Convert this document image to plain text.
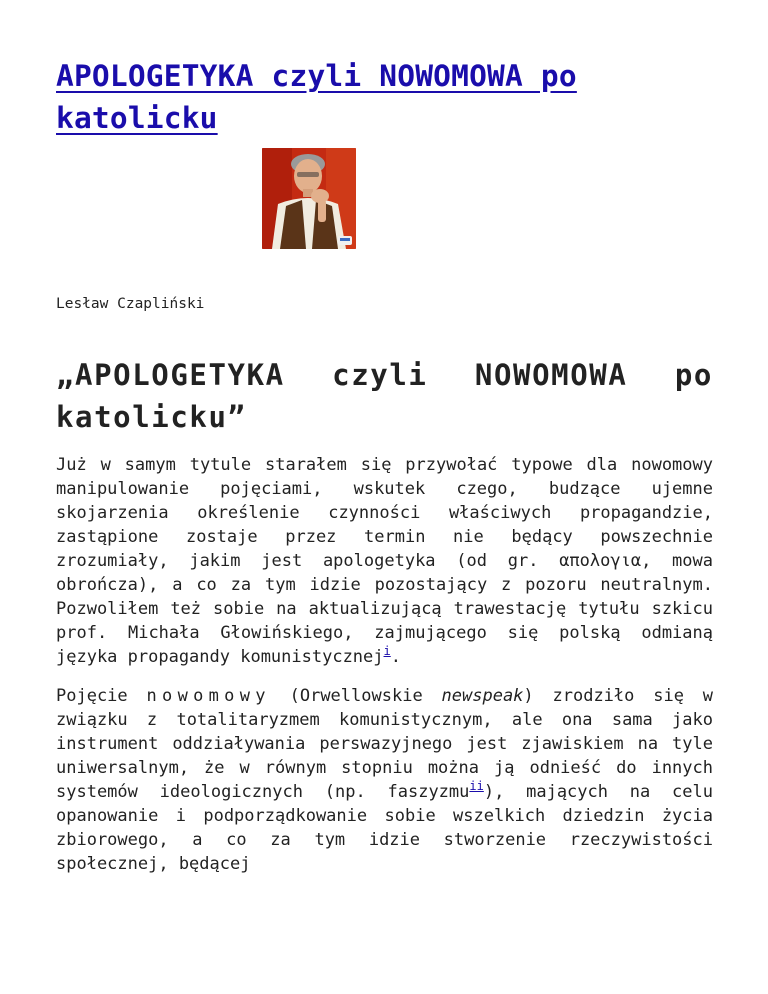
APOLOGETYKA czyli NOWOMOWA po katolicku
Lesław Czapliński
„APOLOGETYKA czyli NOWOMOWA po katolicku”

Już w samym tytule starałem się przywołać typowe dla nowomowy manipulowanie pojęciami, wskutek czego, budzące ujemne skojarzenia określenie czynności właściwych propagandzie, zastąpione zostaje przez termin nie będący powszechnie zrozumiały, jakim jest apologetyka (od gr. απολογια, mowa obrończa), a co za tym idzie pozostający z pozoru neutralnym. Pozwoliłem też sobie na aktualizującą trawestację tytułu szkicu prof. Michała Głowińskiego, zajmującego się polską odmianą języka propagandy komunistycznej$^i$.

Pojęcie nowomowy (Orwellowskie newspeak) zrodziło się w związku z totalitaryzmem komunistycznym, ale ona sama jako instrument oddziaływania perswazyjnego jest zjawiskiem na tyle uniwersalnym, że w równym stopniu można ją odnieść do innych systemów ideologicznych (np. faszyzmu$^{ii}$), mających na celu opanowanie i podporządkowanie sobie wszelkich dziedzin życia zbiorowego, a co za tym idzie stworzenie rzeczywistości społecznej, będącej
